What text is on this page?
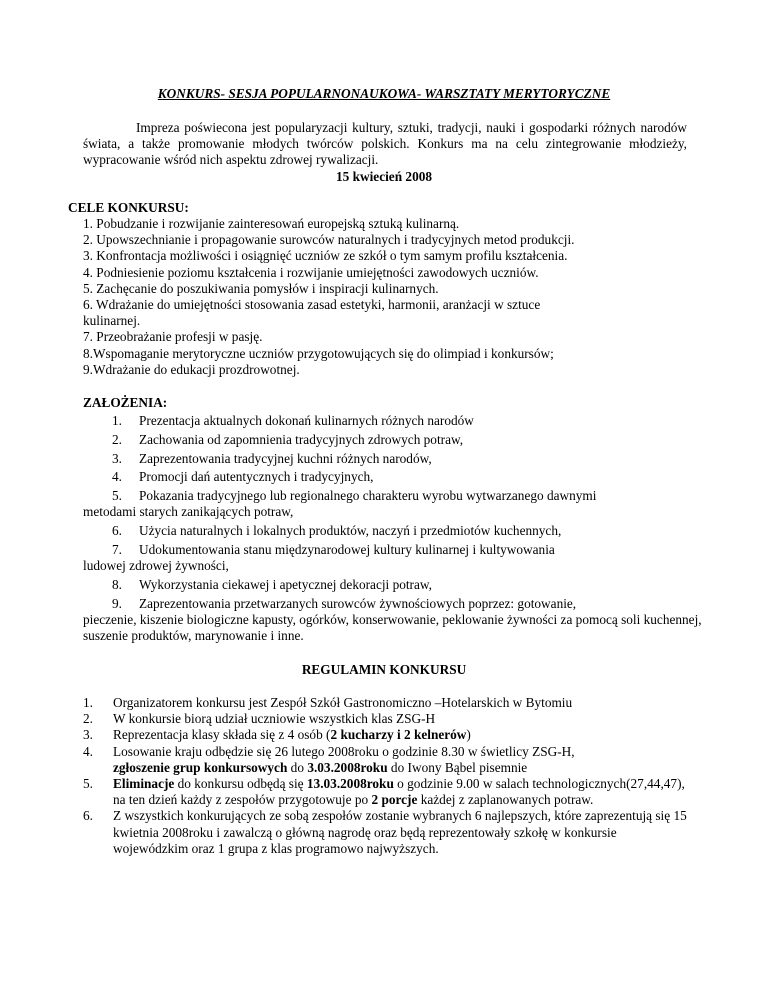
KONKURS- SESJA POPULARNONAUKOWA- WARSZTATY MERYTORYCZNE
Impreza poświecona jest popularyzacji kultury, sztuki, tradycji, nauki i gospodarki różnych narodów świata, a także promowanie młodych twórców polskich. Konkurs ma na celu zintegrowanie młodzieży, wypracowanie wśród nich aspektu zdrowej rywalizacji.
15 kwiecień 2008
CELE KONKURSU:
1. Pobudzanie i rozwijanie zainteresowań europejską sztuką kulinarną.
2. Upowszechnianie i propagowanie surowców naturalnych i tradycyjnych metod produkcji.
3. Konfrontacja możliwości i osiągnięć uczniów ze szkół o tym samym profilu kształcenia.
4. Podniesienie poziomu kształcenia i rozwijanie umiejętności zawodowych uczniów.
5. Zachęcanie do poszukiwania pomysłów i inspiracji kulinarnych.
6. Wdrażanie do umiejętności stosowania zasad estetyki, harmonii, aranżacji w sztuce
kulinarnej.
7. Przeobrażanie profesji w pasję.
8.Wspomaganie merytoryczne uczniów przygotowujących się do olimpiad i konkursów;
9.Wdrażanie do edukacji prozdrowotnej.
ZAŁOŻENIA:
1. Prezentacja aktualnych dokonań kulinarnych różnych narodów
2. Zachowania od zapomnienia tradycyjnych zdrowych potraw,
3. Zaprezentowania tradycyjnej kuchni różnych narodów,
4. Promocji dań autentycznych i tradycyjnych,
5. Pokazania tradycyjnego lub regionalnego charakteru wyrobu wytwarzanego dawnymi
metodami starych zanikających potraw,
6. Użycia naturalnych i lokalnych produktów, naczyń i przedmiotów kuchennych,
7. Udokumentowania stanu międzynarodowej kultury kulinarnej i kultywowania
ludowej zdrowej żywności,
8. Wykorzystania ciekawej i apetycznej dekoracji potraw,
9. Zaprezentowania przetwarzanych surowców żywnościowych poprzez: gotowanie,
pieczenie, kiszenie biologiczne kapusty, ogórków, konserwowanie, peklowanie żywności za pomocą soli kuchennej, suszenie produktów, marynowanie i inne.
REGULAMIN KONKURSU
1. Organizatorem konkursu jest Zespół Szkół Gastronomiczno –Hotelarskich w Bytomiu
2. W konkursie biorą udział uczniowie wszystkich klas ZSG-H
3. Reprezentacja klasy składa się z 4 osób (2 kucharzy i 2 kelnerów)
4. Losowanie kraju odbędzie się 26 lutego 2008roku o godzinie 8.30 w świetlicy ZSG-H,
zgłoszenie grup konkursowych do 3.03.2008roku do Iwony Bąbel pisemnie
5. Eliminacje do konkursu odbędą się 13.03.2008roku o godzinie 9.00 w salach technologicznych(27,44,47), na ten dzień każdy z zespołów przygotowuje po 2 porcje każdej z zaplanowanych potraw.
6. Z wszystkich konkurujących ze sobą zespołów zostanie wybranych 6 najlepszych, które zaprezentują się 15 kwietnia 2008roku i zawalczą o główną nagrodę oraz będą reprezentowały szkołę w konkursie wojewódzkim oraz 1 grupa z klas programowo najwyższych.
